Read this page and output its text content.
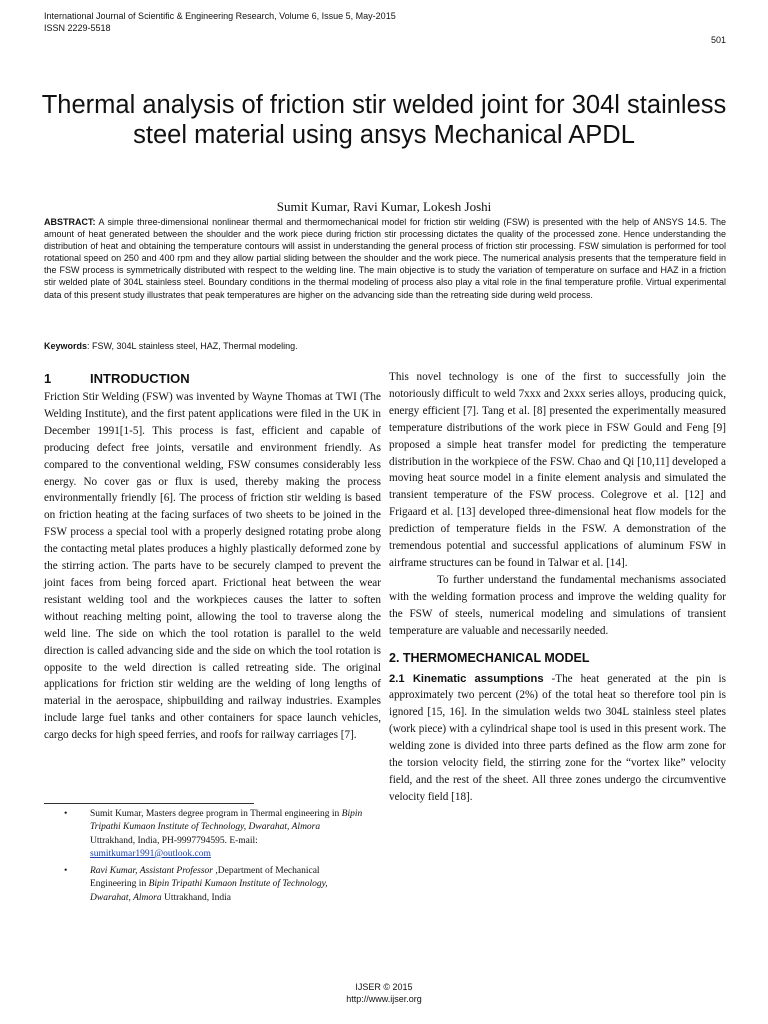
International Journal of Scientific & Engineering Research, Volume 6, Issue 5, May-2015
ISSN 2229-5518
501
Thermal analysis of friction stir welded joint for 304l stainless steel material using ansys Mechanical APDL
Sumit Kumar, Ravi Kumar, Lokesh Joshi

ABSTRACT: A simple three-dimensional nonlinear thermal and thermomechanical model for friction stir welding (FSW) is presented with the help of ANSYS 14.5. The amount of heat generated between the shoulder and the work piece during friction stir processing dictates the quality of the processed zone. Hence understanding the distribution of heat and obtaining the temperature contours will assist in understanding the general process of friction stir processing. FSW simulation is performed for tool rotational speed on 250 and 400 rpm and they allow partial sliding between the shoulder and the work piece. The numerical analysis presents that the temperature field in the FSW process is symmetrically distributed with respect to the welding line. The main objective is to study the variation of temperature on surface and HAZ in a friction stir welded plate of 304L stainless steel. Boundary conditions in the thermal modeling of process also play a vital role in the final temperature profile. Virtual experimental data of this present study illustrates that peak temperatures are higher on the advancing side than the retreating side during weld process.

Keywords: FSW, 304L stainless steel, HAZ, Thermal modeling.

1	INTRODUCTION

Friction Stir Welding (FSW) was invented by Wayne Thomas at TWI (The Welding Institute), and the first patent applications were filed in the UK in December 1991[1-5]. This process is fast, efficient and capable of producing defect free joints, versatile and environment friendly. As compared to the conventional welding, FSW consumes considerably less energy. No cover gas or flux is used, thereby making the process environmentally friendly [6]. The process of friction stir welding is based on friction heating at the facing surfaces of two sheets to be joined in the FSW process a special tool with a properly designed rotating probe along the contacting metal plates produces a highly plastically deformed zone by the stirring action. The parts have to be securely clamped to prevent the joint faces from being forced apart. Frictional heat between the wear resistant welding tool and the workpieces causes the latter to soften without reaching melting point, allowing the tool to traverse along the weld line. The side on which the tool rotation is parallel to the weld direction is called advancing side and the side on which the tool rotation is opposite to the weld direction is called retreating side. The original applications for friction stir welding are the welding of long lengths of material in the aerospace, shipbuilding and railway industries. Examples include large fuel tanks and other containers for space launch vehicles, cargo decks for high speed ferries, and roofs for railway carriages [7].

This novel technology is one of the first to successfully join the notoriously difficult to weld 7xxx and 2xxx series alloys, producing quick, energy efficient [7]. Tang et al. [8] presented the experimentally measured temperature distributions of the work piece in FSW Gould and Feng [9] proposed a simple heat transfer model for predicting the temperature distribution in the workpiece of the FSW. Chao and Qi [10,11] developed a moving heat source model in a finite element analysis and simulated the transient temperature of the FSW process. Colegrove et al. [12] and Frigaard et al. [13] developed three-dimensional heat flow models for the prediction of temperature fields in the FSW. A demonstration of the tremendous potential and successful applications of aluminum FSW in airframe structures can be found in Talwar et al. [14].

To further understand the fundamental mechanisms associated with the welding formation process and improve the welding quality for the FSW of steels, numerical modeling and simulations of transient temperature are valuable and necessarily needed.

2. THERMOMECHANICAL MODEL

2.1 Kinematic assumptions -The heat generated at the pin is approximately two percent (2%) of the total heat so therefore tool pin is ignored [15, 16]. In the simulation welds two 304L stainless steel plates (work piece) with a cylindrical shape tool is used in this present work. The welding zone is divided into three parts defined as the flow arm zone for the torsion velocity field, the stirring zone for the “vortex like” velocity field, and the rest of the sheet. All three zones undergo the circumventive velocity field [18].

• Sumit Kumar, Masters degree program in Thermal engineering in Bipin Tripathi Kumaon Institute of Technology, Dwarahat, Almora Uttrakhand, India, PH-9997794595. E-mail:
sumitkumar1991@outlook.com
• Ravi Kumar, Assistant Professor ,Department of Mechanical Engineering in Bipin Tripathi Kumaon Institute of Technology, Dwarahat, Almora Uttrakhand, India
IJSER © 2015
http://www.ijser.org
